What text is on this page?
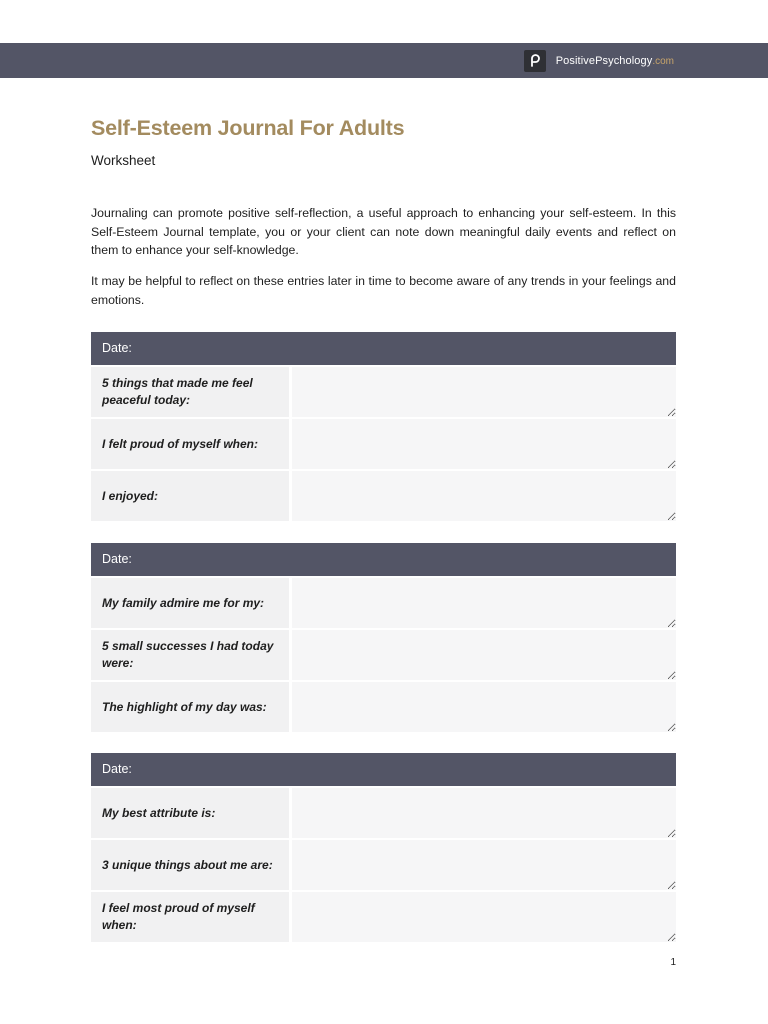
PositivePsychology .com
Self-Esteem Journal For Adults
Worksheet

Journaling can promote positive self-reflection, a useful approach to enhancing your self-esteem. In this Self-Esteem Journal template, you or your client can note down meaningful daily events and reflect on them to enhance your self-knowledge.

It may be helpful to reflect on these entries later in time to become aware of any trends in your feelings and emotions.

Date:
5 things that made me feel peaceful today:
I felt proud of myself when:
I enjoyed:
Date:
My family admire me for my:
5 small successes I had today were:
The highlight of my day was:
Date:
My best attribute is:
3 unique things about me are:
I feel most proud of myself when:
1
